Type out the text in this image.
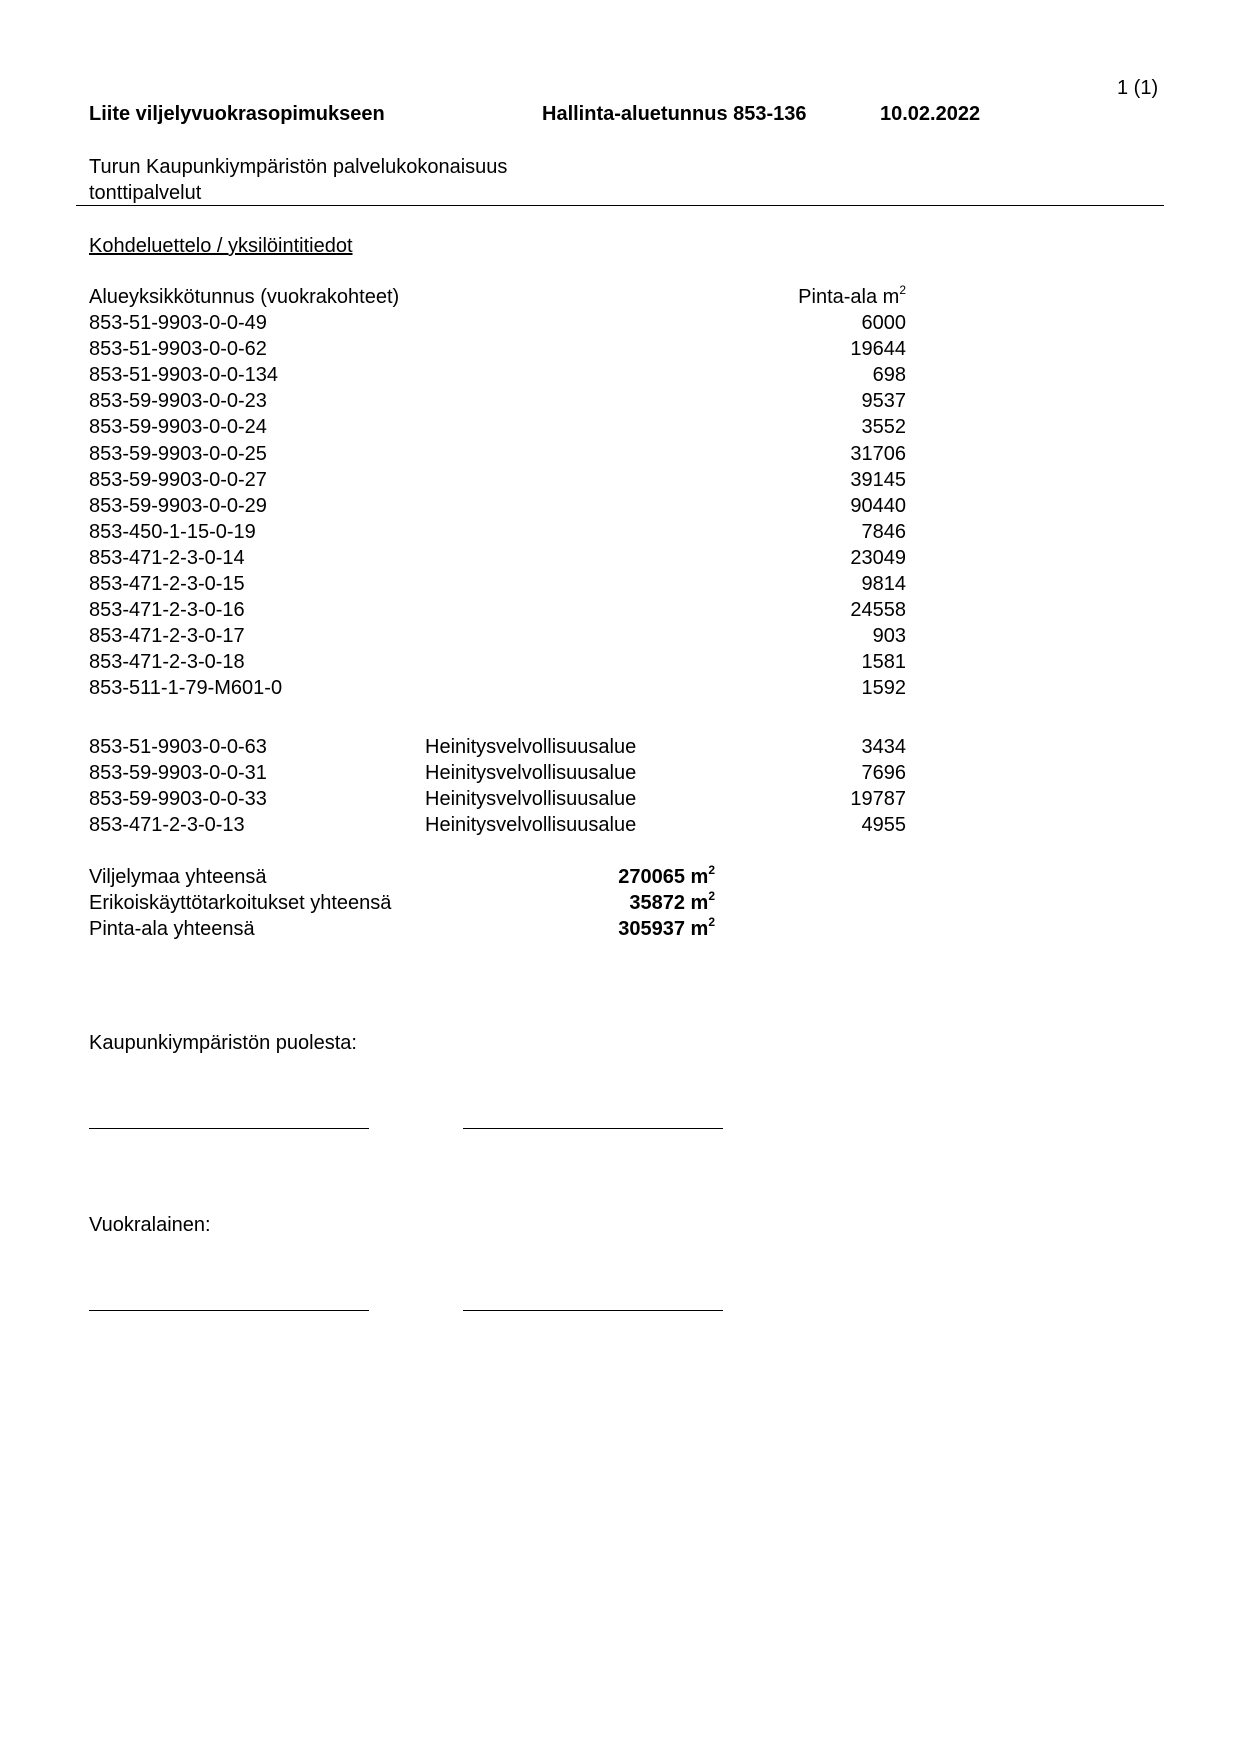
1 (1)
Liite viljelyvuokrasopimukseen	Hallinta-aluetunnus 853-136	10.02.2022
Turun Kaupunkiympäristön palvelukokonaisuus
tonttipalvelut
Kohdeluettelo / yksilöintitiedot
Alueyksikkötunnus (vuokrakohteet)	Pinta-ala $m^2$
853-51-9903-0-0-49	6000
853-51-9903-0-0-62	19644
853-51-9903-0-0-134	698
853-59-9903-0-0-23	9537
853-59-9903-0-0-24	3552
853-59-9903-0-0-25	31706
853-59-9903-0-0-27	39145
853-59-9903-0-0-29	90440
853-450-1-15-0-19	7846
853-471-2-3-0-14	23049
853-471-2-3-0-15	9814
853-471-2-3-0-16	24558
853-471-2-3-0-17	903
853-471-2-3-0-18	1581
853-511-1-79-M601-0	1592
853-51-9903-0-0-63	Heinitysvelvollisuusalue	3434
853-59-9903-0-0-31	Heinitysvelvollisuusalue	7696
853-59-9903-0-0-33	Heinitysvelvollisuusalue	19787
853-471-2-3-0-13	Heinitysvelvollisuusalue	4955
Viljelymaa yhteensä	270065 $m^2$
Erikoiskäyttötarkoitukset yhteensä	35872 $m^2$
Pinta-ala yhteensä	305937 $m^2$
Kaupunkiympäristön puolesta:
Vuokralainen:
